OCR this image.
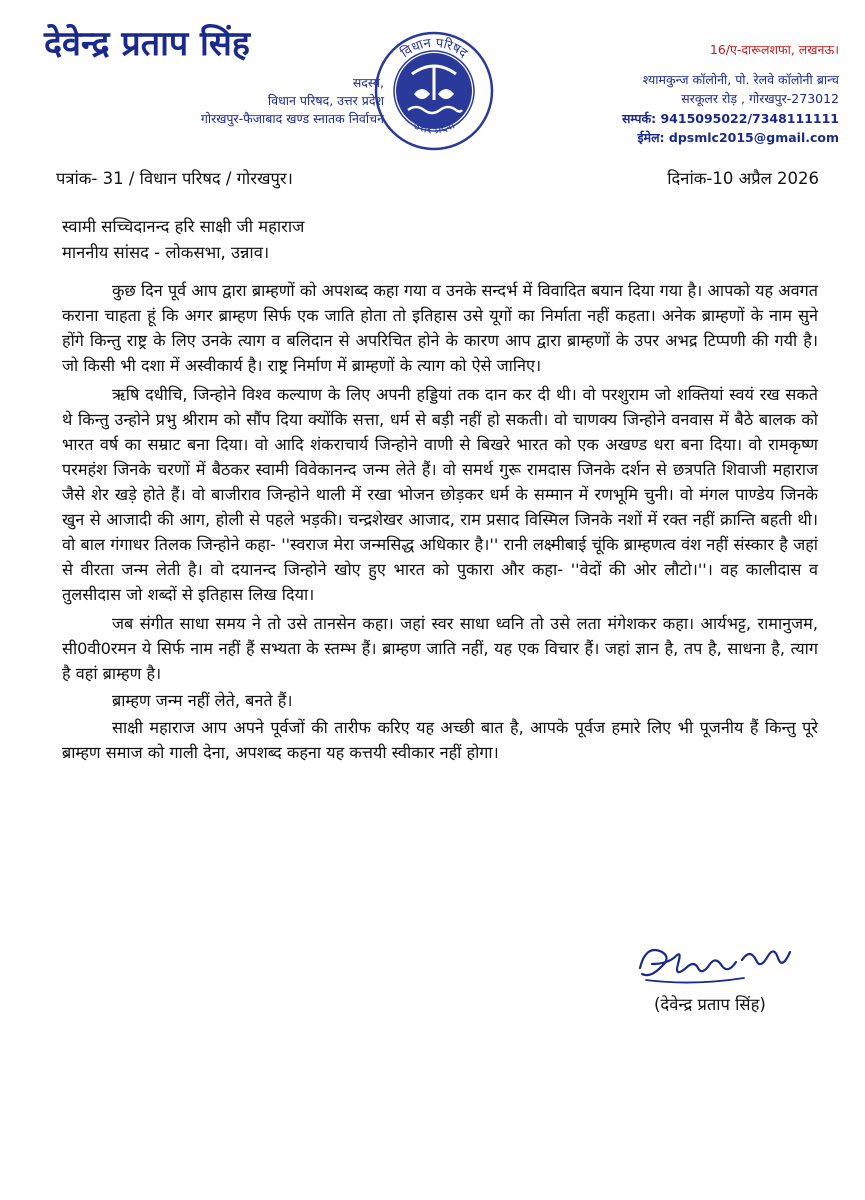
देवेन्द्र प्रताप सिंह
सदस्य,
विधान परिषद, उत्तर प्रदेश
गोरखपुर-फैजाबाद खण्ड स्नातक निर्वाचन
विधान परिषद
उत्तर प्रदेश
16/ए-दारूलशफा, लखनऊ।
श्यामकुन्ज कॉलोनी, पो. रेलवे कॉलोनी ब्रान्च
सरकूलर रोड़ , गोरखपुर-273012
सम्पर्क: 9415095022/7348111111
ईमेल: dpsmlc2015@gmail.com
पत्रांक- 31 / विधान परिषद / गोरखपुर।	दिनांक-10 अप्रैल 2026
स्वामी सच्चिदानन्द हरि साक्षी जी महाराज
माननीय सांसद - लोकसभा, उन्नाव।

कुछ दिन पूर्व आप द्वारा ब्राम्हणों को अपशब्द कहा गया व उनके सन्दर्भ में विवादित बयान दिया गया है। आपको यह अवगत कराना चाहता हूं कि अगर ब्राम्हण सिर्फ एक जाति होता तो इतिहास उसे यूगों का निर्माता नहीं कहता। अनेक ब्राम्हणों के नाम सुने होंगे किन्तु राष्ट्र के लिए उनके त्याग व बलिदान से अपरिचित होने के कारण आप द्वारा ब्राम्हणों के उपर अभद्र टिप्पणी की गयी है। जो किसी भी दशा में अस्वीकार्य है। राष्ट्र निर्माण में ब्राम्हणों के त्याग को ऐसे जानिए।

ऋषि दधीचि, जिन्होने विश्व कल्याण के लिए अपनी हड्डियां तक दान कर दी थी। वो परशुराम जो शक्तियां स्वयं रख सकते थे किन्तु उन्होने प्रभु श्रीराम को सौंप दिया क्योंकि सत्ता, धर्म से बड़ी नहीं हो सकती। वो चाणक्य जिन्होने वनवास में बैठे बालक को भारत वर्ष का सम्राट बना दिया। वो आदि शंकराचार्य जिन्होने वाणी से बिखरे भारत को एक अखण्ड धरा बना दिया। वो रामकृष्ण परमहंश जिनके चरणों में बैठकर स्वामी विवेकानन्द जन्म लेते हैं। वो समर्थ गुरू रामदास जिनके दर्शन से छत्रपति शिवाजी महाराज जैसे शेर खड़े होते हैं। वो बाजीराव जिन्होने थाली में रखा भोजन छोड़कर धर्म के सम्मान में रणभूमि चुनी। वो मंगल पाण्डेय जिनके खुन से आजादी की आग, होली से पहले भड़की। चन्द्रशेखर आजाद, राम प्रसाद विस्मिल जिनके नशों में रक्त नहीं क्रान्ति बहती थी। वो बाल गंगाधर तिलक जिन्होने कहा- ''स्वराज मेरा जन्मसिद्ध अधिकार है।'' रानी लक्ष्मीबाई चूंकि ब्राम्हणत्व वंश नहीं संस्कार है जहां से वीरता जन्म लेती है। वो दयानन्द जिन्होने खोए हुए भारत को पुकारा और कहा- ''वेदों की ओर लौटो।''। वह कालीदास व तुलसीदास जो शब्दों से इतिहास लिख दिया।

जब संगीत साधा समय ने तो उसे तानसेन कहा। जहां स्वर साधा ध्वनि तो उसे लता मंगेशकर कहा। आर्यभट्ट, रामानुजम, सी0वी0रमन ये सिर्फ नाम नहीं हैं सभ्यता के स्तम्भ हैं। ब्राम्हण जाति नहीं, यह एक विचार हैं। जहां ज्ञान है, तप है, साधना है, त्याग है वहां ब्राम्हण है।

ब्राम्हण जन्म नहीं लेते, बनते हैं।

साक्षी महाराज आप अपने पूर्वजों की तारीफ करिए यह अच्छी बात है, आपके पूर्वज हमारे लिए भी पूजनीय हैं किन्तु पूरे ब्राम्हण समाज को गाली देना, अपशब्द कहना यह कत्तयी स्वीकार नहीं होगा।

(देवेन्द्र प्रताप सिंह)
